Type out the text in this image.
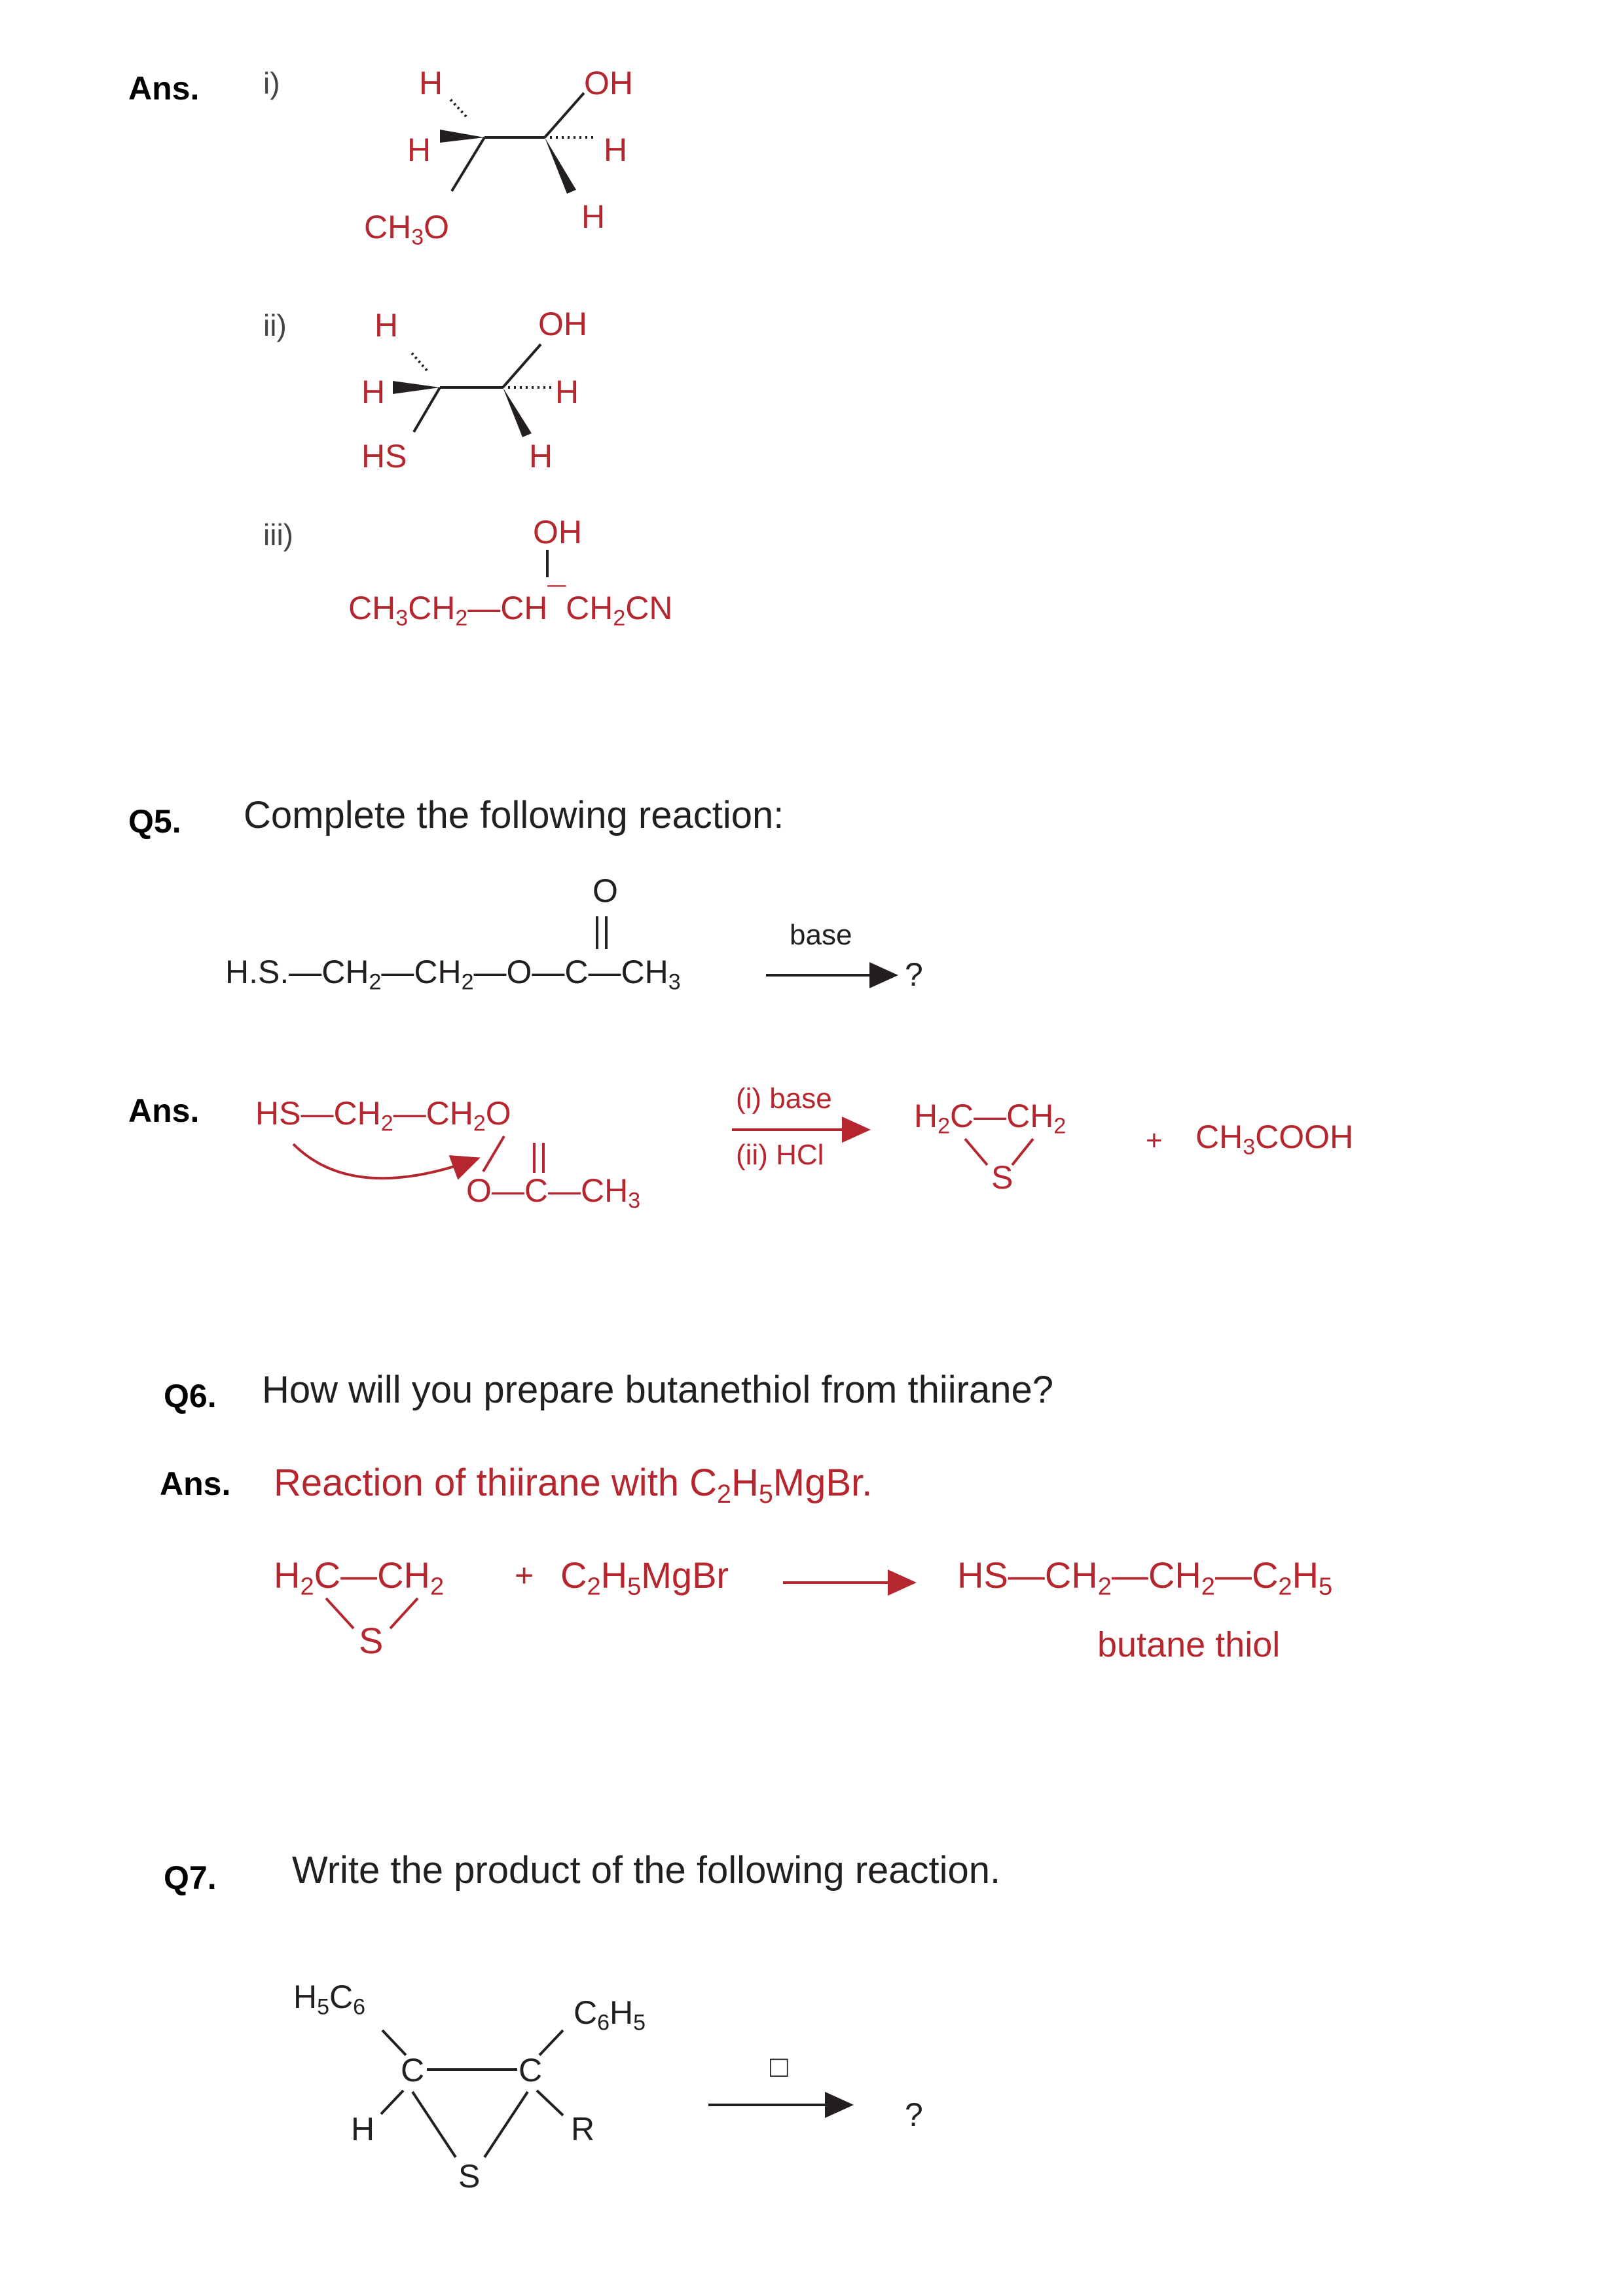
Ans. i)
ii)
iii)
H
H
$CH_3O$
OH
H
H
H
H
HS
OH
H
H
OH
$CH_3CH_2—CH¯CH_2CN$
Q5. Complete the following reaction:
O
$H.S.—CH_2—CH_2—O—C—CH_3$
base
?
Ans. $HS—CH_2—CH_2O$
$O—C—CH_3$
(i) base
(ii) HCl
$H_2C—CH_2$
S
+ $CH_3COOH$
Q6. How will you prepare butanethiol from thiirane?
Ans. Reaction of thiirane with $C_2H_5MgBr$.
$H_2C—CH_2$
S
+ $C_2H_5MgBr$	$HS—CH_2—CH_2—C_2H_5$
butane thiol
Q7. Write the product of the following reaction.
$H_5C_6$	$C_6H_5$
C	C
H	R
S
□
?
